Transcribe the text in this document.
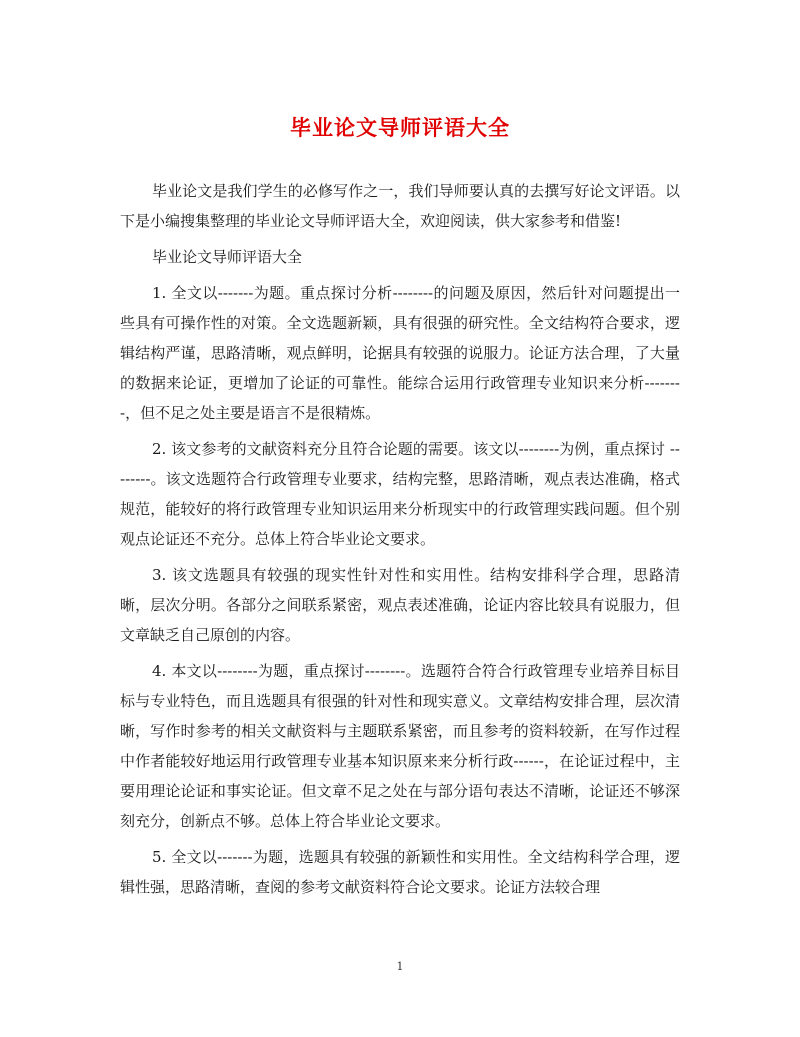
毕业论文导师评语大全

毕业论文是我们学生的必修写作之一，我们导师要认真的去撰写好论文评语。以下是小编搜集整理的毕业论文导师评语大全，欢迎阅读，供大家参考和借鉴!

毕业论文导师评语大全

1. 全文以-------为题。重点探讨分析--------的问题及原因，然后针对问题提出一些具有可操作性的对策。全文选题新颖，具有很强的研究性。全文结构符合要求，逻辑结构严谨，思路清晰，观点鲜明，论据具有较强的说服力。论证方法合理，了大量的数据来论证，更增加了论证的可靠性。能综合运用行政管理专业知识来分析--------，但不足之处主要是语言不是很精炼。

2. 该文参考的文献资料充分且符合论题的需要。该文以--------为例，重点探讨 --------。该文选题符合行政管理专业要求，结构完整，思路清晰，观点表达准确，格式规范，能较好的将行政管理专业知识运用来分析现实中的行政管理实践问题。但个别观点论证还不充分。总体上符合毕业论文要求。

3. 该文选题具有较强的现实性针对性和实用性。结构安排科学合理，思路清晰，层次分明。各部分之间联系紧密，观点表述准确，论证内容比较具有说服力，但文章缺乏自己原创的内容。

4. 本文以--------为题，重点探讨--------。选题符合符合行政管理专业培养目标目标与专业特色，而且选题具有很强的针对性和现实意义。文章结构安排合理，层次清晰，写作时参考的相关文献资料与主题联系紧密，而且参考的资料较新，在写作过程中作者能较好地运用行政管理专业基本知识原来来分析行政------，在论证过程中，主要用理论论证和事实论证。但文章不足之处在与部分语句表达不清晰，论证还不够深刻充分，创新点不够。总体上符合毕业论文要求。

5. 全文以-------为题，选题具有较强的新颖性和实用性。全文结构科学合理，逻辑性强，思路清晰，查阅的参考文献资料符合论文要求。论证方法较合理

1
